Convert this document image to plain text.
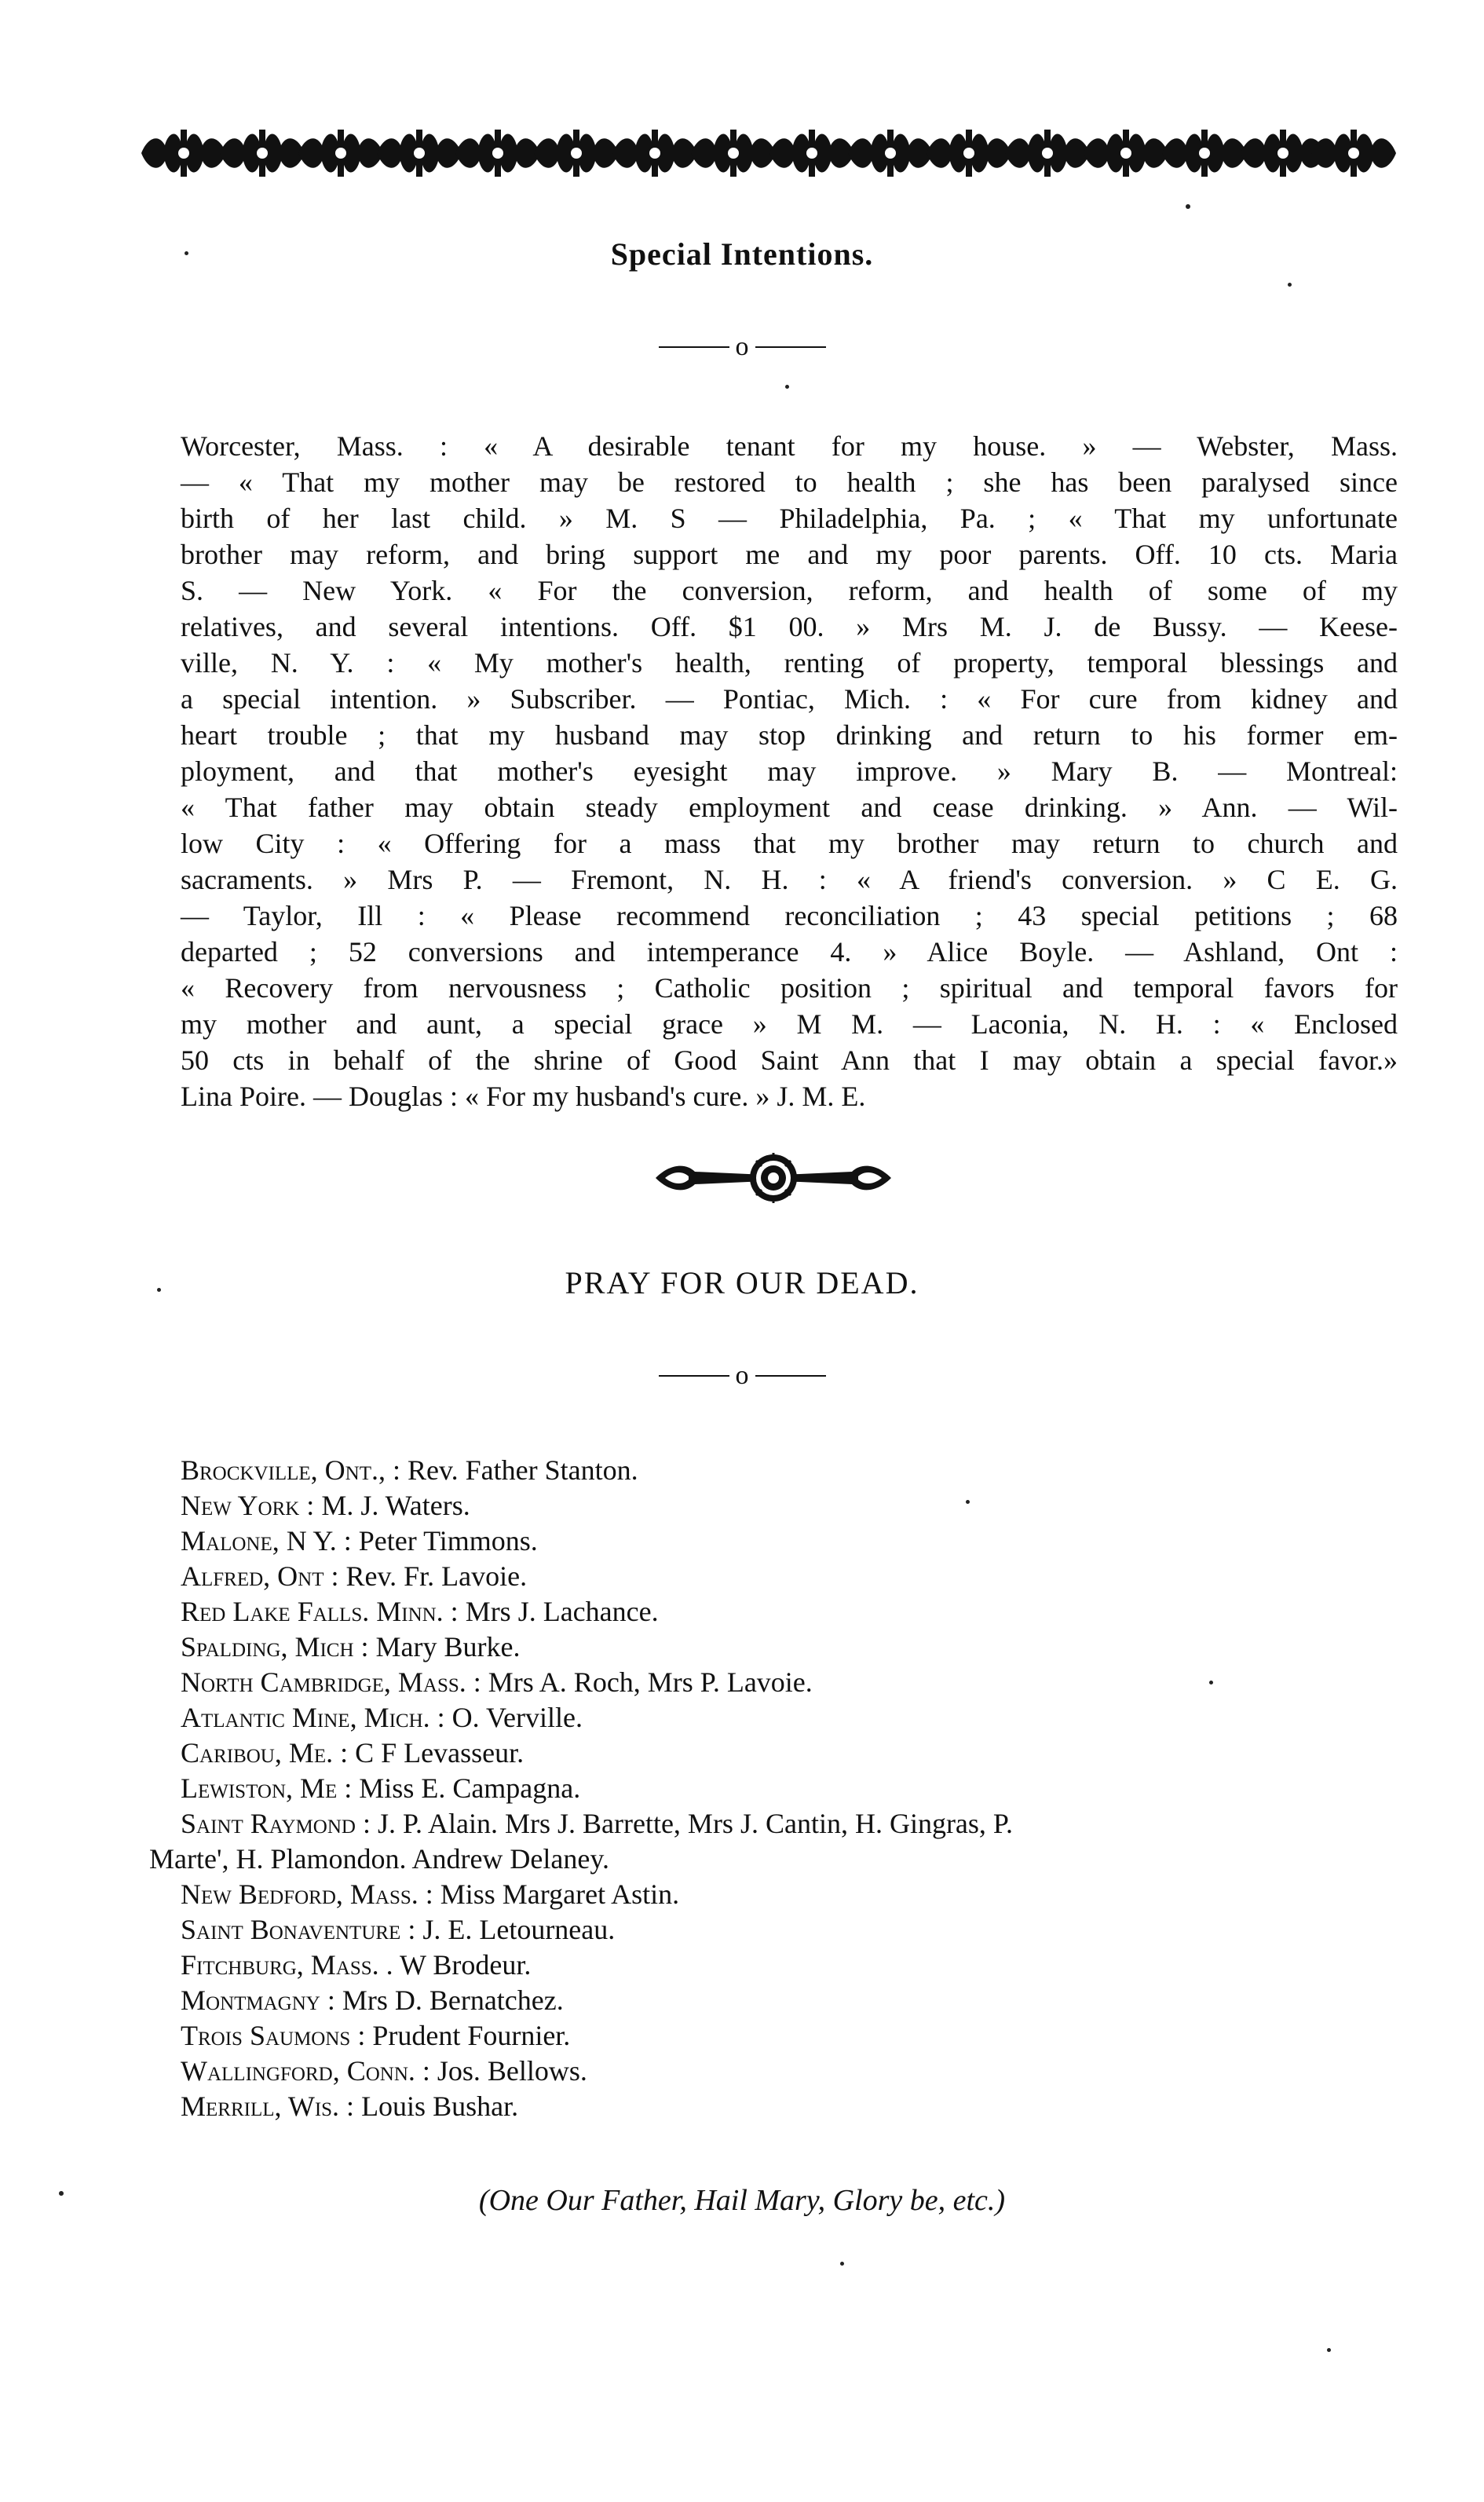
Special Intentions.
o
Worcester, Mass. : « A desirable tenant for my house. » — Webster, Mass.
— « That my mother may be restored to health ; she has been paralysed since
birth of her last child. » M. S — Philadelphia, Pa. ; « That my unfortunate
brother may reform, and bring support me and my poor parents. Off. 10 cts. Maria
S. — New York. « For the conversion, reform, and health of some of my
relatives, and several intentions. Off. $1 00. » Mrs M. J. de Bussy. — Keese-
ville, N. Y. : « My mother's health, renting of property, temporal blessings and
a special intention. » Subscriber. — Pontiac, Mich. : « For cure from kidney and
heart trouble ; that my husband may stop drinking and return to his former em-
ployment, and that mother's eyesight may improve. » Mary B. — Montreal:
« That father may obtain steady employment and cease drinking. » Ann. — Wil-
low City : « Offering for a mass that my brother may return to church and
sacraments. » Mrs P. — Fremont, N. H. : « A friend's conversion. » C E. G.
— Taylor, Ill : « Please recommend reconciliation ; 43 special petitions ; 68
departed ; 52 conversions and intemperance 4. » Alice Boyle. — Ashland, Ont :
« Recovery from nervousness ; Catholic position ; spiritual and temporal favors for
my mother and aunt, a special grace » M M. — Laconia, N. H. : « Enclosed
50 cts in behalf of the shrine of Good Saint Ann that I may obtain a special favor.»
Lina Poire. — Douglas : « For my husband's cure. » J. M. E.
PRAY FOR OUR DEAD.
o
Brockville, Ont., : Rev. Father Stanton.
New York : M. J. Waters.
Malone, N Y. : Peter Timmons.
Alfred, Ont : Rev. Fr. Lavoie.
Red Lake Falls. Minn. : Mrs J. Lachance.
Spalding, Mich : Mary Burke.
North Cambridge, Mass. : Mrs A. Roch, Mrs P. Lavoie.
Atlantic Mine, Mich. : O. Verville.
Caribou, Me. : C F Levasseur.
Lewiston, Me : Miss E. Campagna.
Saint Raymond : J. P. Alain. Mrs J. Barrette, Mrs J. Cantin, H. Gingras, P.
Marte', H. Plamondon. Andrew Delaney.
New Bedford, Mass. : Miss Margaret Astin.
Saint Bonaventure : J. E. Letourneau.
Fitchburg, Mass. . W Brodeur.
Montmagny : Mrs D. Bernatchez.
Trois Saumons : Prudent Fournier.
Wallingford, Conn. : Jos. Bellows.
Merrill, Wis. : Louis Bushar.
(One Our Father, Hail Mary, Glory be, etc.)
